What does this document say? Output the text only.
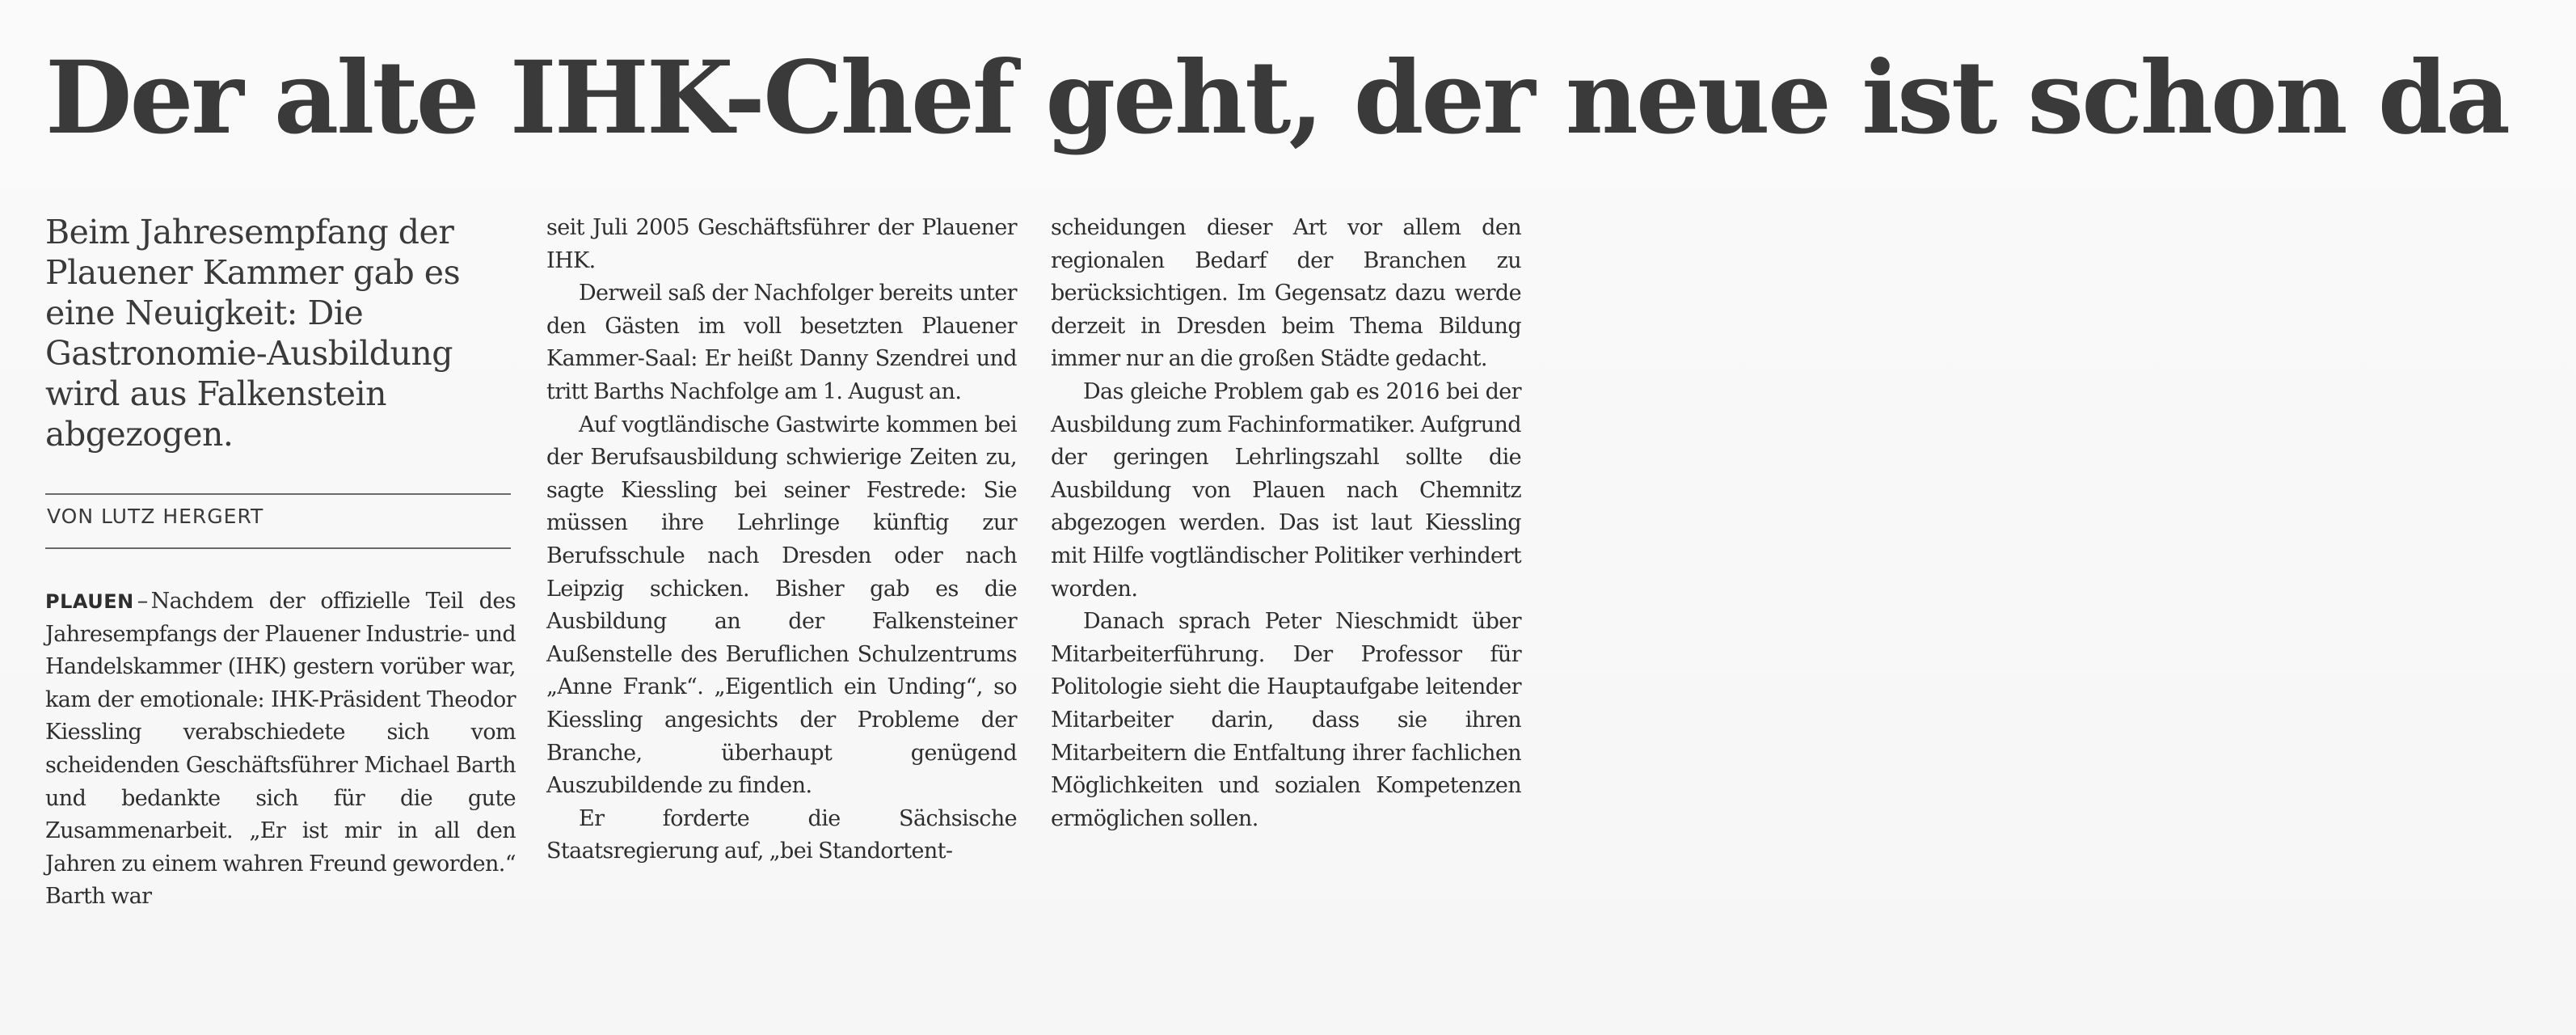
Der alte IHK-Chef geht, der neue ist schon da

Beim Jahresempfang der Plauener Kammer gab es eine Neuigkeit: Die Gastronomie-Ausbildung wird aus Falkenstein abgezogen.

VON LUTZ HERGERT

PLAUEN – Nachdem der offizielle Teil des Jahresempfangs der Plauener Industrie- und Handelskammer (IHK) gestern vorüber war, kam der emotionale: IHK-Präsident Theodor Kiessling verabschiedete sich vom scheidenden Geschäftsführer Michael Barth und bedankte sich für die gute Zusammenarbeit. „Er ist mir in all den Jahren zu einem wahren Freund geworden.“ Barth war

seit Juli 2005 Geschäftsführer der Plauener IHK.

Derweil saß der Nachfolger bereits unter den Gästen im voll besetzten Plauener Kammer-Saal: Er heißt Danny Szendrei und tritt Barths Nachfolge am 1. August an.

Auf vogtländische Gastwirte kommen bei der Berufsausbildung schwierige Zeiten zu, sagte Kiessling bei seiner Festrede: Sie müssen ihre Lehrlinge künftig zur Berufsschule nach Dresden oder nach Leipzig schicken. Bisher gab es die Ausbildung an der Falkensteiner Außenstelle des Beruflichen Schulzentrums „Anne Frank“. „Eigentlich ein Unding“, so Kiessling angesichts der Probleme der Branche, überhaupt genügend Auszubildende zu finden.

Er forderte die Sächsische Staatsregierung auf, „bei Standortent-

scheidungen dieser Art vor allem den regionalen Bedarf der Branchen zu berücksichtigen. Im Gegensatz dazu werde derzeit in Dresden beim Thema Bildung immer nur an die großen Städte gedacht.

Das gleiche Problem gab es 2016 bei der Ausbildung zum Fachinformatiker. Aufgrund der geringen Lehrlingszahl sollte die Ausbildung von Plauen nach Chemnitz abgezogen werden. Das ist laut Kiessling mit Hilfe vogtländischer Politiker verhindert worden.

Danach sprach Peter Nieschmidt über Mitarbeiterführung. Der Professor für Politologie sieht die Hauptaufgabe leitender Mitarbeiter darin, dass sie ihren Mitarbeitern die Entfaltung ihrer fachlichen Möglichkeiten und sozialen Kompetenzen ermöglichen sollen.
